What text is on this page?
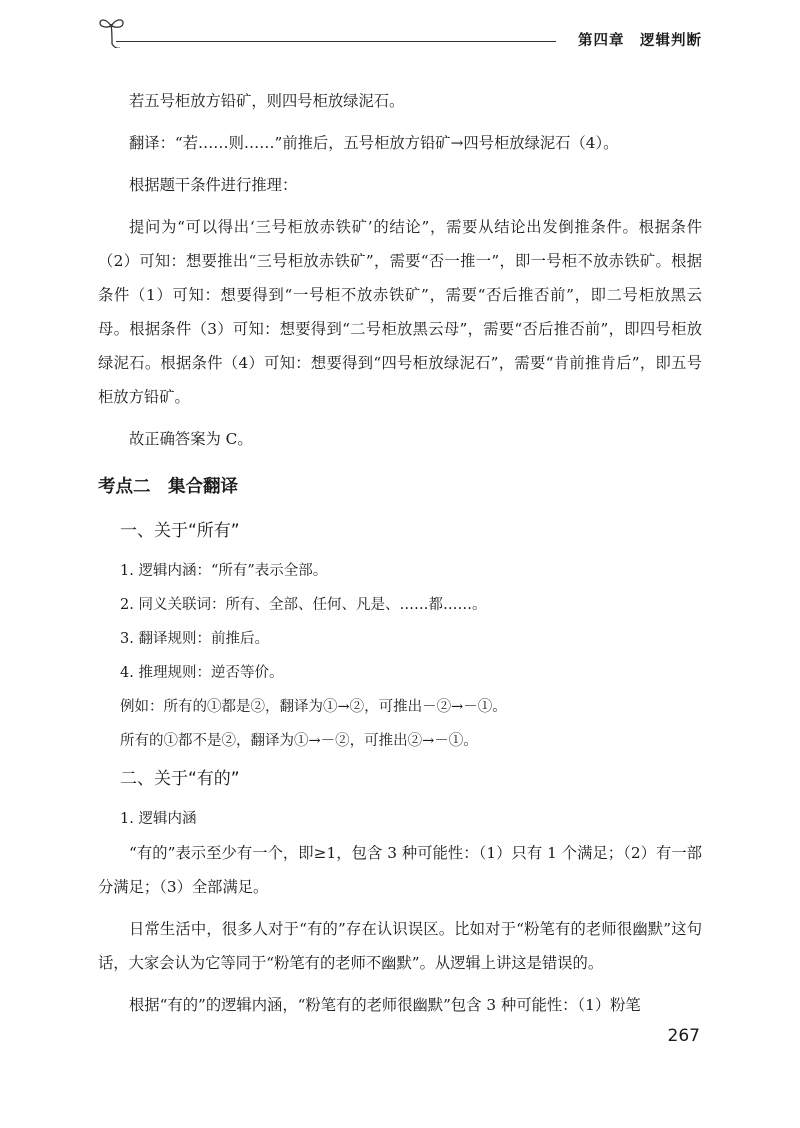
第四章　逻辑判断

若五号柜放方铅矿，则四号柜放绿泥石。

翻译：“若……则……”前推后，五号柜放方铅矿→四号柜放绿泥石（4）。

根据题干条件进行推理：

提问为“可以得出‘三号柜放赤铁矿’的结论”，需要从结论出发倒推条件。根据条件（2）可知：想要推出“三号柜放赤铁矿”，需要“否一推一”，即一号柜不放赤铁矿。根据条件（1）可知：想要得到“一号柜不放赤铁矿”，需要“否后推否前”，即二号柜放黑云母。根据条件（3）可知：想要得到“二号柜放黑云母”，需要“否后推否前”，即四号柜放绿泥石。根据条件（4）可知：想要得到“四号柜放绿泥石”，需要“肯前推肯后”，即五号柜放方铅矿。

故正确答案为 C。

考点二　集合翻译
一、关于“所有”

1. 逻辑内涵：“所有”表示全部。

2. 同义关联词：所有、全部、任何、凡是、……都……。

3. 翻译规则：前推后。

4. 推理规则：逆否等价。

例如：所有的①都是②，翻译为①→②，可推出－②→－①。

所有的①都不是②，翻译为①→－②，可推出②→－①。

二、关于“有的”

1. 逻辑内涵

“有的”表示至少有一个，即≥1，包含 3 种可能性：（1）只有 1 个满足；（2）有一部分满足；（3）全部满足。

日常生活中，很多人对于“有的”存在认识误区。比如对于“粉笔有的老师很幽默”这句话，大家会认为它等同于“粉笔有的老师不幽默”。从逻辑上讲这是错误的。

根据“有的”的逻辑内涵，“粉笔有的老师很幽默”包含 3 种可能性：（1）粉笔

267
